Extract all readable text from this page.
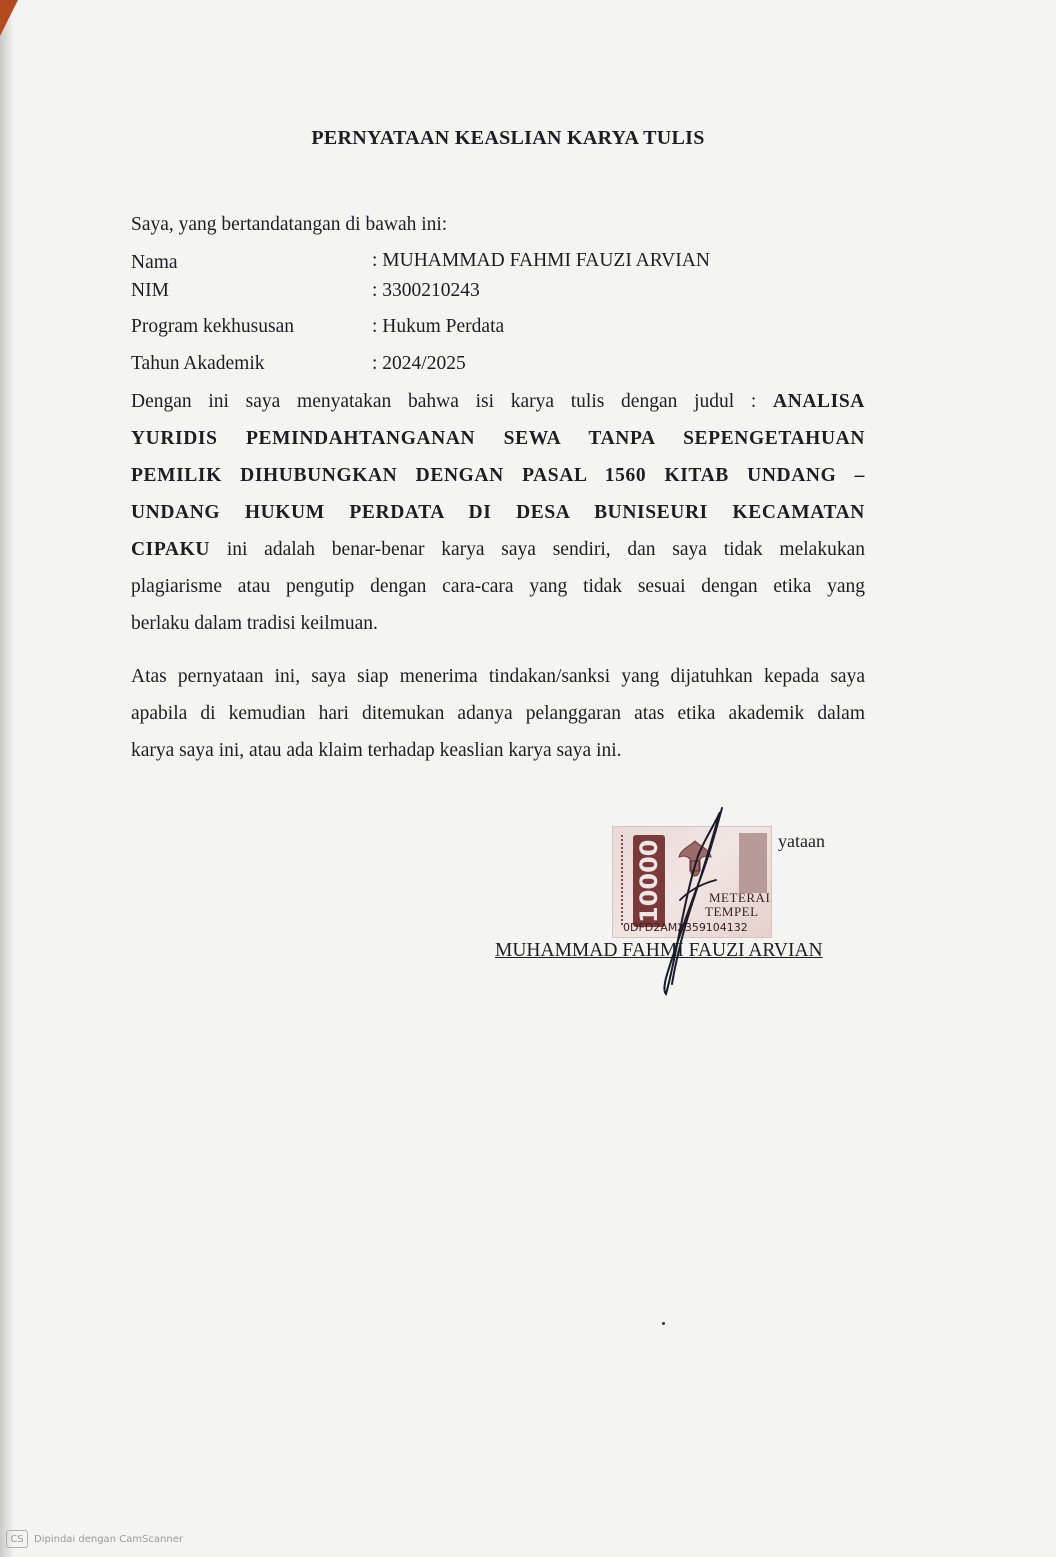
PERNYATAAN KEASLIAN KARYA TULIS
Saya, yang bertandatangan di bawah ini:
Nama	: MUHAMMAD FAHMI FAUZI ARVIAN
NIM	: 3300210243
Program kekhususan	: Hukum Perdata
Tahun Akademik	: 2024/2025
Dengan ini saya menyatakan bahwa isi karya tulis dengan judul : ANALISA
YURIDIS PEMINDAHTANGANAN SEWA TANPA SEPENGETAHUAN
PEMILIK DIHUBUNGKAN DENGAN PASAL 1560 KITAB UNDANG –
UNDANG HUKUM PERDATA DI DESA BUNISEURI KECAMATAN
CIPAKU ini adalah benar-benar karya saya sendiri, dan saya tidak melakukan
plagiarisme atau pengutip dengan cara-cara yang tidak sesuai dengan etika yang
berlaku dalam tradisi keilmuan.
Atas pernyataan ini, saya siap menerima tindakan/sanksi yang dijatuhkan kepada saya
apabila di kemudian hari ditemukan adanya pelanggaran atas etika akademik dalam
karya saya ini, atau ada klaim terhadap keaslian karya saya ini.
10000	METERAI
TEMPEL
0DFD2AMX359104132
yataan
MUHAMMAD FAHMI FAUZI ARVIAN
CS	Dipindai dengan CamScanner
